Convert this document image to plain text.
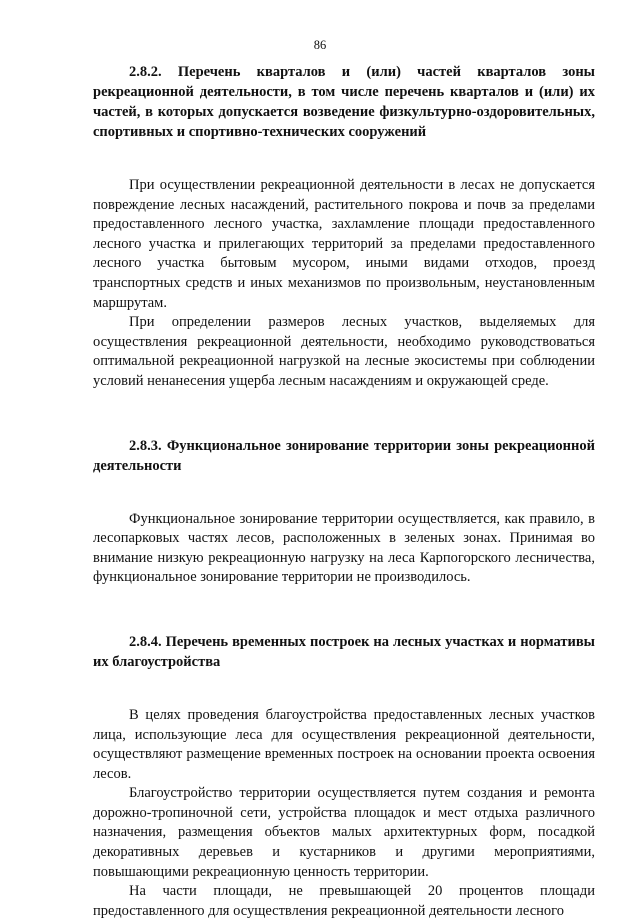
86

2.8.2. Перечень кварталов и (или) частей кварталов зоны рекреационной деятельности, в том числе перечень кварталов и (или) их частей, в которых допускается возведение физкультурно-оздоровительных, спортивных и спортивно-технических сооружений

При осуществлении рекреационной деятельности в лесах не допускается повреждение лесных насаждений, растительного покрова и почв за пределами предоставленного лесного участка, захламление площади предоставленного лесного участка и прилегающих территорий за пределами предоставленного лесного участка бытовым мусором, иными видами отходов, проезд транспортных средств и иных механизмов по произвольным, неустановленным маршрутам.

При определении размеров лесных участков, выделяемых для осуществления рекреационной деятельности, необходимо руководствоваться оптимальной рекреационной нагрузкой на лесные экосистемы при соблюдении условий ненанесения ущерба лесным насаждениям и окружающей среде.

2.8.3. Функциональное зонирование территории зоны рекреационной деятельности

Функциональное зонирование территории осуществляется, как правило, в лесопарковых частях лесов, расположенных в зеленых зонах. Принимая во внимание низкую рекреационную нагрузку на леса Карпогорского лесничества, функциональное зонирование территории не производилось.

2.8.4. Перечень временных построек на лесных участках и нормативы их благоустройства

В целях проведения благоустройства предоставленных лесных участков лица, использующие леса для осуществления рекреационной деятельности, осуществляют размещение временных построек на основании проекта освоения лесов.

Благоустройство территории осуществляется путем создания и ремонта дорожно-тропиночной сети, устройства площадок и мест отдыха различного назначения, размещения объектов малых архитектурных форм, посадкой декоративных деревьев и кустарников и другими мероприятиями, повышающими рекреационную ценность территории.

На части площади, не превышающей 20 процентов площади предоставленного для осуществления рекреационной деятельности лесного
